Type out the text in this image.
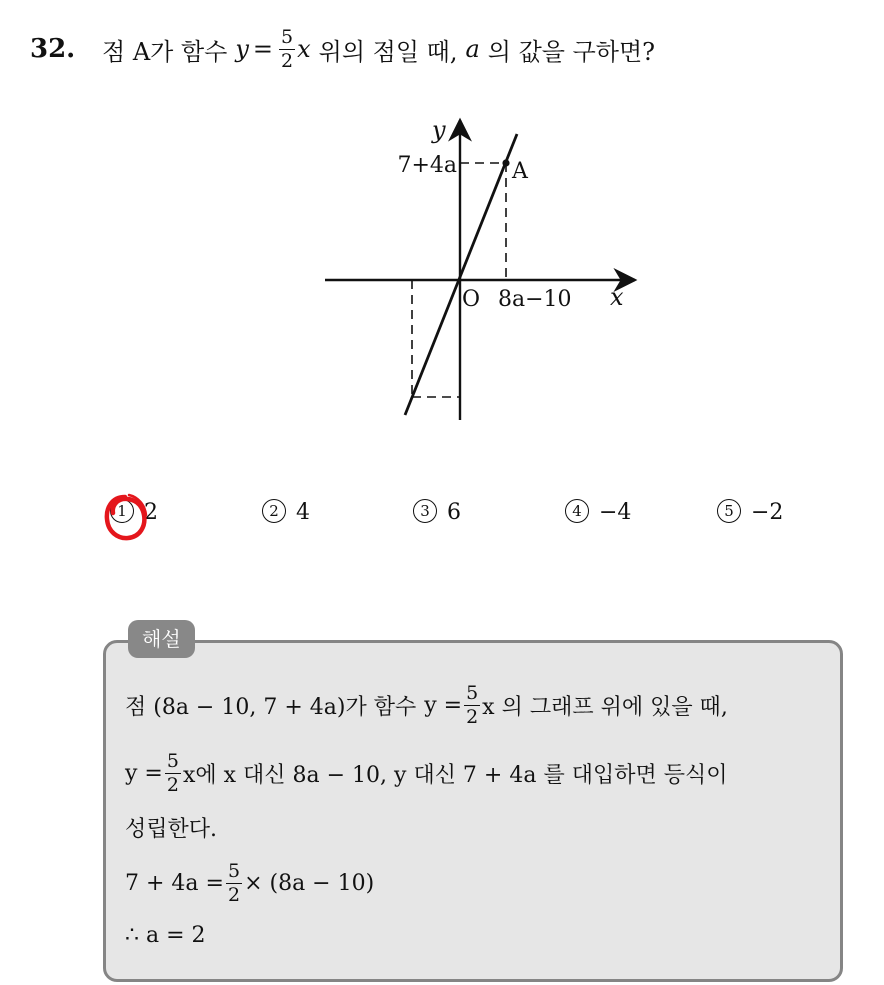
32.	점 A가 함수 $y = \frac{5}{2}$ x 위의 점일 때, a 의 값을 구하면?
y
x
O
A
7+4a
8a−10
1 2	2 4	3 6	4 −4	5 −2
해설
점 (8a − 10, 7 + 4a)가 함수 $y = \frac{5}{2}$ x 의 그래프 위에 있을 때,
$y = \frac{5}{2}$ x에 x 대신 8a − 10, y 대신 7 + 4a 를 대입하면 등식이
성립한다.
$7 + 4a = \frac{5}{2} \times (8a - 10)$
∴ a = 2
